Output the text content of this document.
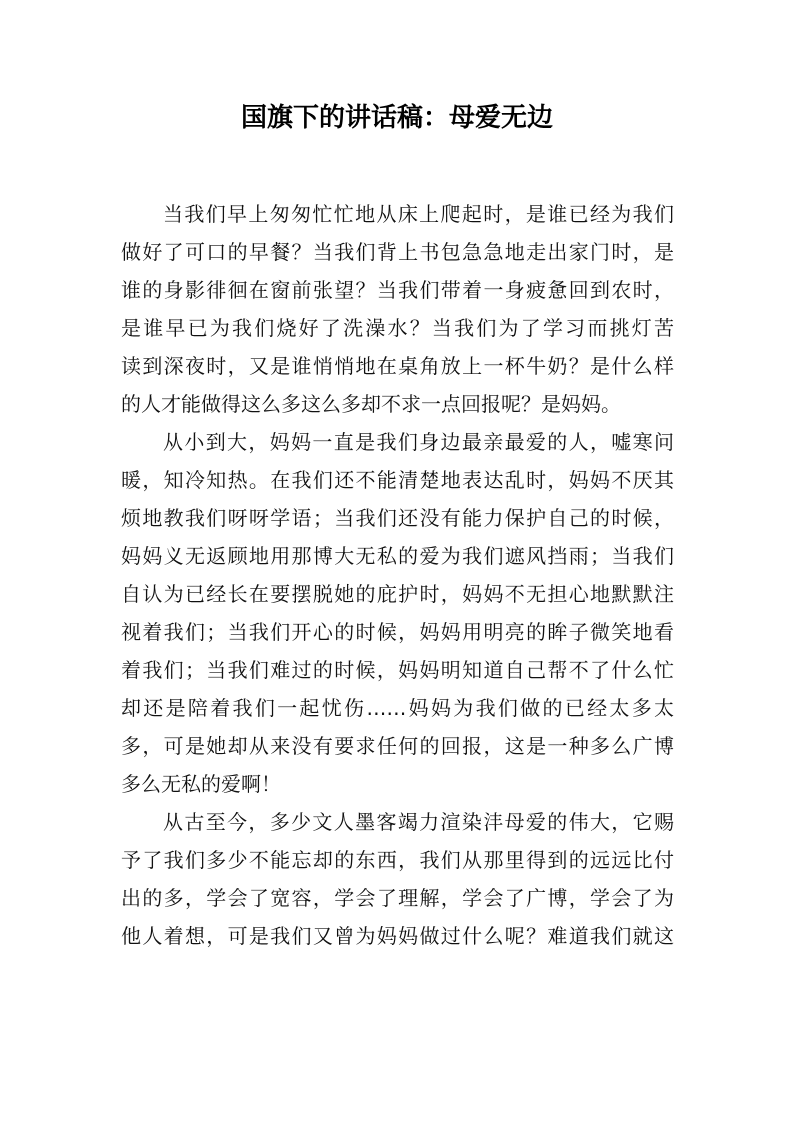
国旗下的讲话稿：母爱无边
当我们早上匆匆忙忙地从床上爬起时，是谁已经为我们
做好了可口的早餐？当我们背上书包急急地走出家门时，是
谁的身影徘徊在窗前张望？当我们带着一身疲惫回到农时，
是谁早已为我们烧好了洗澡水？当我们为了学习而挑灯苦
读到深夜时，又是谁悄悄地在桌角放上一杯牛奶？是什么样
的人才能做得这么多这么多却不求一点回报呢？是妈妈。
从小到大，妈妈一直是我们身边最亲最爱的人，嘘寒问
暖，知冷知热。在我们还不能清楚地表达乱时，妈妈不厌其
烦地教我们呀呀学语；当我们还没有能力保护自己的时候，
妈妈义无返顾地用那博大无私的爱为我们遮风挡雨；当我们
自认为已经长在要摆脱她的庇护时，妈妈不无担心地默默注
视着我们；当我们开心的时候，妈妈用明亮的眸子微笑地看
着我们；当我们难过的时候，妈妈明知道自己帮不了什么忙
却还是陪着我们一起忧伤……妈妈为我们做的已经太多太
多，可是她却从来没有要求任何的回报，这是一种多么广博
多么无私的爱啊！
从古至今，多少文人墨客竭力渲染沣母爱的伟大，它赐
予了我们多少不能忘却的东西，我们从那里得到的远远比付
出的多，学会了宽容，学会了理解，学会了广博，学会了为
他人着想，可是我们又曾为妈妈做过什么呢？难道我们就这
